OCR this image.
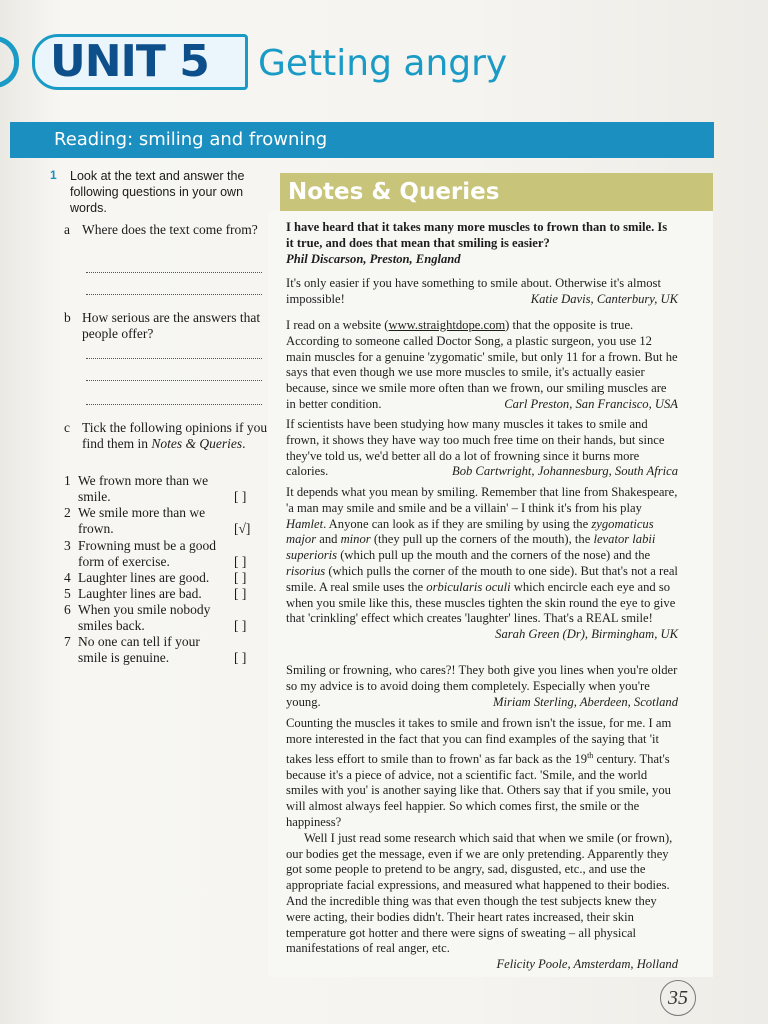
UNIT 5 Getting angry
Reading: smiling and frowning
1 Look at the text and answer the following questions in your own words.
a Where does the text come from?
b How serious are the answers that people offer?
c Tick the following opinions if you find them in Notes & Queries.
1 We frown more than we smile.	[ ]
2 We smile more than we frown.	[√]
3 Frowning must be a good form of exercise.	[ ]
4 Laughter lines are good.	[ ]
5 Laughter lines are bad.	[ ]
6 When you smile nobody smiles back.	[ ]
7 No one can tell if your smile is genuine.	[ ]
Notes & Queries

I have heard that it takes many more muscles to frown than to smile. Is it true, and does that mean that smiling is easier?

Phil Discarson, Preston, England

It's only easier if you have something to smile about. Otherwise it's almost impossible!	Katie Davis, Canterbury, UK

I read on a website (www.straightdope.com) that the opposite is true. According to someone called Doctor Song, a plastic surgeon, you use 12 main muscles for a genuine 'zygomatic' smile, but only 11 for a frown. But he says that even though we use more muscles to smile, it's actually easier because, since we smile more often than we frown, our smiling muscles are in better condition.	Carl Preston, San Francisco, USA

If scientists have been studying how many muscles it takes to smile and frown, it shows they have way too much free time on their hands, but since they've told us, we'd better all do a lot of frowning since it burns more calories.	Bob Cartwright, Johannesburg, South Africa

It depends what you mean by smiling. Remember that line from Shakespeare, 'a man may smile and smile and be a villain' – I think it's from his play Hamlet. Anyone can look as if they are smiling by using the zygomaticus major and minor (they pull up the corners of the mouth), the levator labii superioris (which pull up the mouth and the corners of the nose) and the risorius (which pulls the corner of the mouth to one side). But that's not a real smile. A real smile uses the orbicularis oculi which encircle each eye and so when you smile like this, these muscles tighten the skin round the eye to give that 'crinkling' effect which creates 'laughter' lines. That's a REAL smile!

Sarah Green (Dr), Birmingham, UK

Smiling or frowning, who cares?! They both give you lines when you're older so my advice is to avoid doing them completely. Especially when you're young.	Miriam Sterling, Aberdeen, Scotland

Counting the muscles it takes to smile and frown isn't the issue, for me. I am more interested in the fact that you can find examples of the saying that 'it takes less effort to smile than to frown' as far back as the 19th century. That's because it's a piece of advice, not a scientific fact. 'Smile, and the world smiles with you' is another saying like that. Others say that if you smile, you will almost always feel happier. So which comes first, the smile or the happiness?

Well I just read some research which said that when we smile (or frown), our bodies get the message, even if we are only pretending. Apparently they got some people to pretend to be angry, sad, disgusted, etc., and use the appropriate facial expressions, and measured what happened to their bodies. And the incredible thing was that even though the test subjects knew they were acting, their bodies didn't. Their heart rates increased, their skin temperature got hotter and there were signs of sweating – all physical manifestations of real anger, etc.

Felicity Poole, Amsterdam, Holland
35
